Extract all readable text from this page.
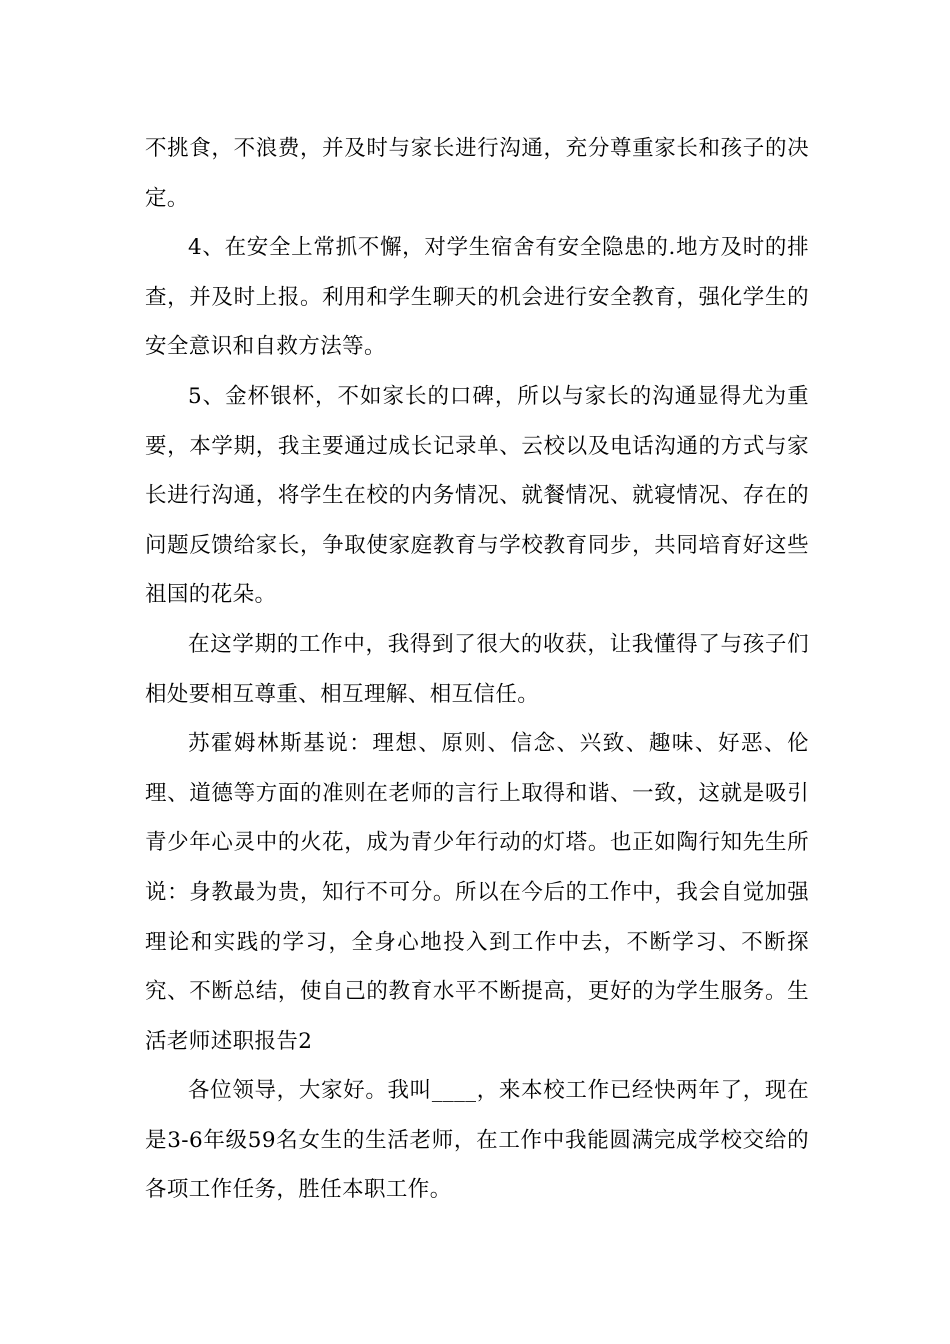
不挑食，不浪费，并及时与家长进行沟通，充分尊重家长和孩子的决定。

4、在安全上常抓不懈，对学生宿舍有安全隐患的.地方及时的排查，并及时上报。利用和学生聊天的机会进行安全教育，强化学生的安全意识和自救方法等。

5、金杯银杯，不如家长的口碑，所以与家长的沟通显得尤为重要，本学期，我主要通过成长记录单、云校以及电话沟通的方式与家长进行沟通，将学生在校的内务情况、就餐情况、就寝情况、存在的问题反馈给家长，争取使家庭教育与学校教育同步，共同培育好这些祖国的花朵。

在这学期的工作中，我得到了很大的收获，让我懂得了与孩子们相处要相互尊重、相互理解、相互信任。

苏霍姆林斯基说：理想、原则、信念、兴致、趣味、好恶、伦理、道德等方面的准则在老师的言行上取得和谐、一致，这就是吸引青少年心灵中的火花，成为青少年行动的灯塔。也正如陶行知先生所说：身教最为贵，知行不可分。所以在今后的工作中，我会自觉加强理论和实践的学习，全身心地投入到工作中去，不断学习、不断探究、不断总结，使自己的教育水平不断提高，更好的为学生服务。生活老师述职报告2

各位领导，大家好。我叫____，来本校工作已经快两年了，现在是3-6年级59名女生的生活老师，在工作中我能圆满完成学校交给的各项工作任务，胜任本职工作。
